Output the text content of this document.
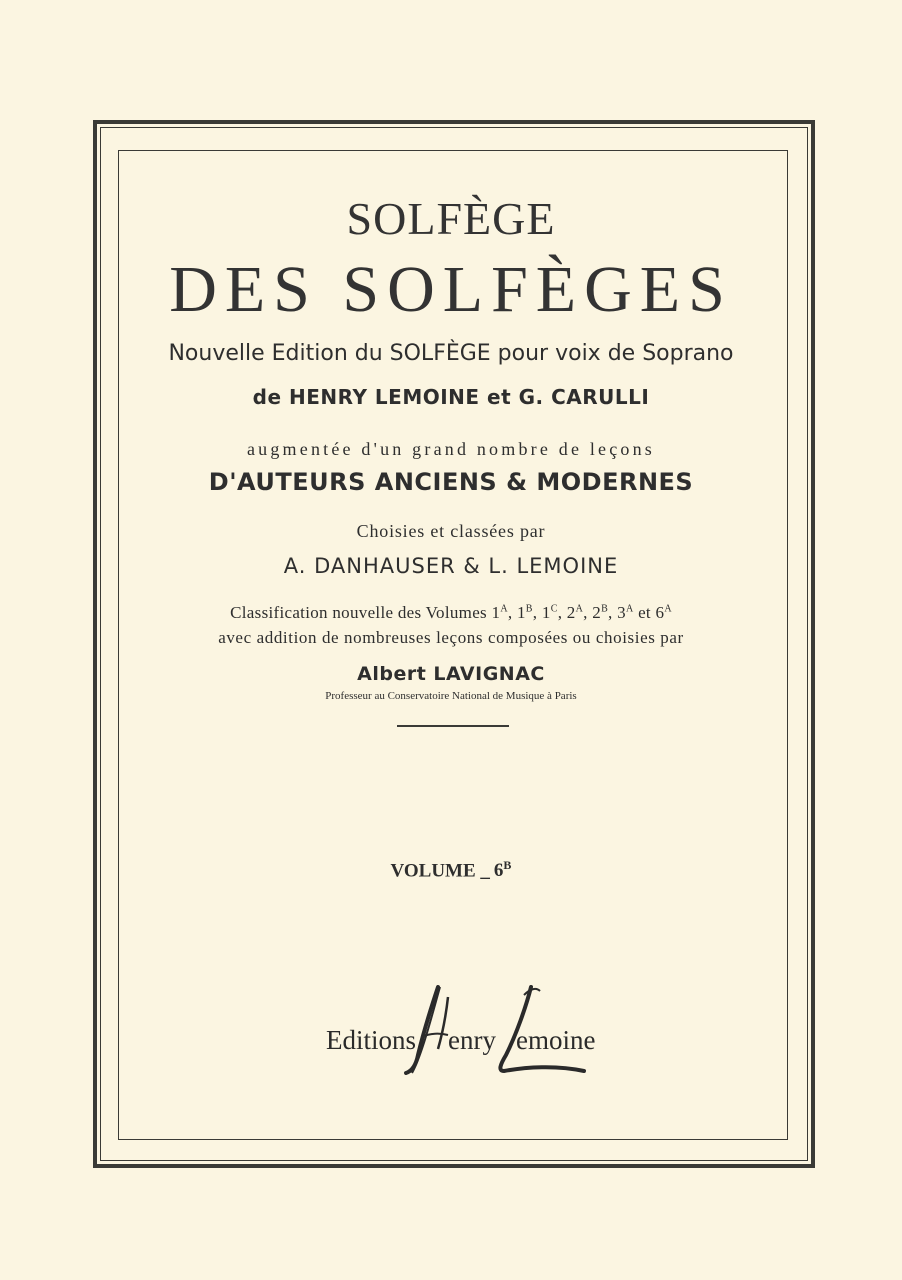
SOLFÈGE
DES SOLFÈGES
Nouvelle Edition du SOLFÈGE pour voix de Soprano
de HENRY LEMOINE et G. CARULLI
augmentée d'un grand nombre de leçons
D'AUTEURS ANCIENS & MODERNES
Choisies et classées par
A. DANHAUSER & L. LEMOINE
Classification nouvelle des Volumes $1^A$, $1^B$, $1^C$, $2^A$, $2^B$, $3^A$ et $6^A$
avec addition de nombreuses leçons composées ou choisies par
Albert LAVIGNAC
Professeur au Conservatoire National de Musique à Paris
VOLUME _ $6^B$
Editions enry emoine
